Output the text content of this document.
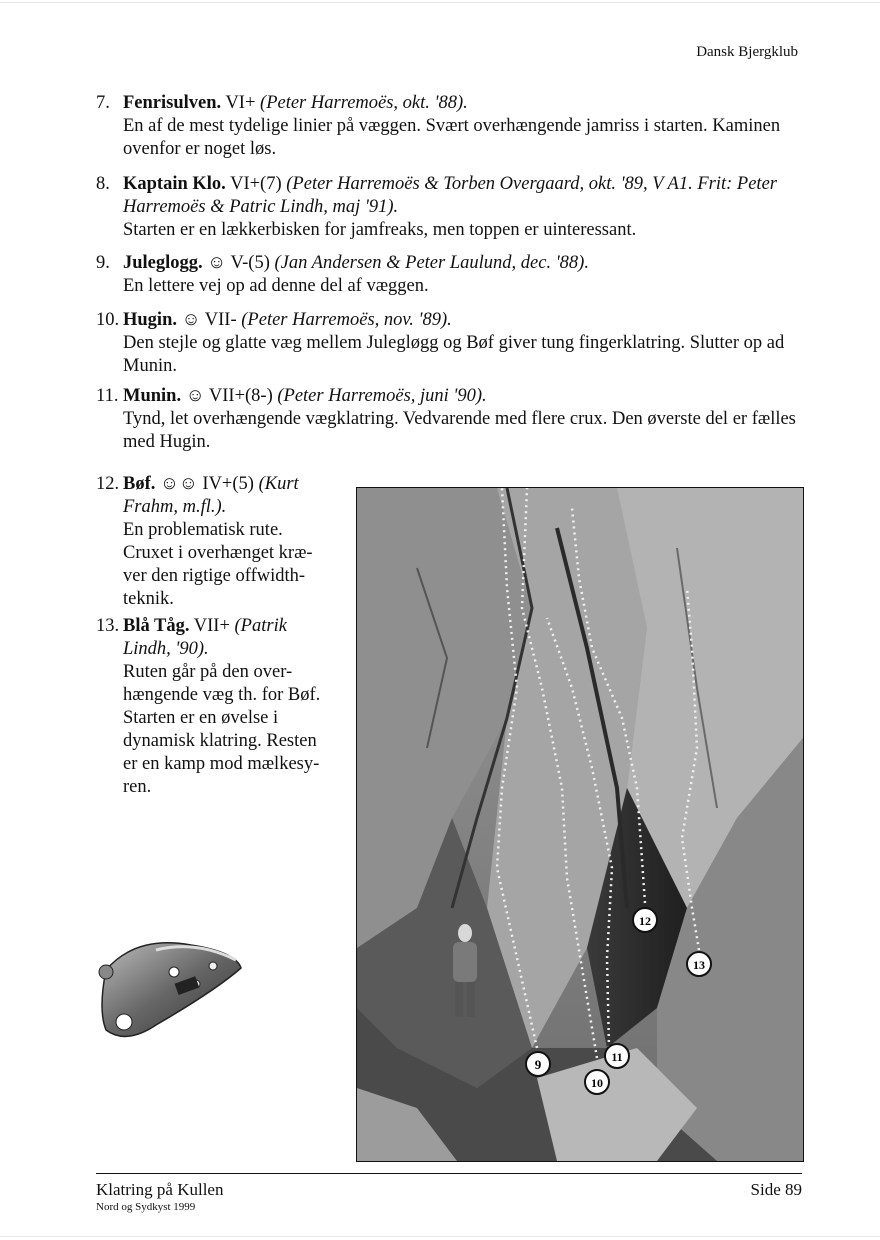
Dansk Bjergklub
7. Fenrisulven. VI+ (Peter Harremoës, okt. '88).
En af de mest tydelige linier på væggen. Svært overhængende jamriss i starten. Kaminen ovenfor er noget løs.
8. Kaptain Klo. VI+(7) (Peter Harremoës & Torben Overgaard, okt. '89, V A1. Frit: Peter Harremoës & Patric Lindh, maj '91).
Starten er en lækkerbisken for jamfreaks, men toppen er uinteressant.
9. Juleglogg. ☺ V-(5) (Jan Andersen & Peter Laulund, dec. '88).
En lettere vej op ad denne del af væggen.
10. Hugin. ☺ VII- (Peter Harremoës, nov. '89).
Den stejle og glatte væg mellem Julegløgg og Bøf giver tung fingerklatring. Slutter op ad Munin.
11. Munin. ☺ VII+(8-) (Peter Harremoës, juni '90).
Tynd, let overhængende vægklatring. Vedvarende med flere crux. Den øverste del er fælles med Hugin.
12. Bøf. ☺☺ IV+(5) (Kurt Frahm, m.fl.).
En problematisk rute. Cruxet i overhænget kræ-ver den rigtige offwidth-teknik.
13. Blå Tåg. VII+ (Patrik Lindh, '90).
Ruten går på den over-hængende væg th. for Bøf. Starten er en øvelse i dynamisk klatring. Resten er en kamp mod mælkesy-ren.
9
10
11
12
13
Klatring på Kullen
Nord og Sydkyst 1999
Side 89
